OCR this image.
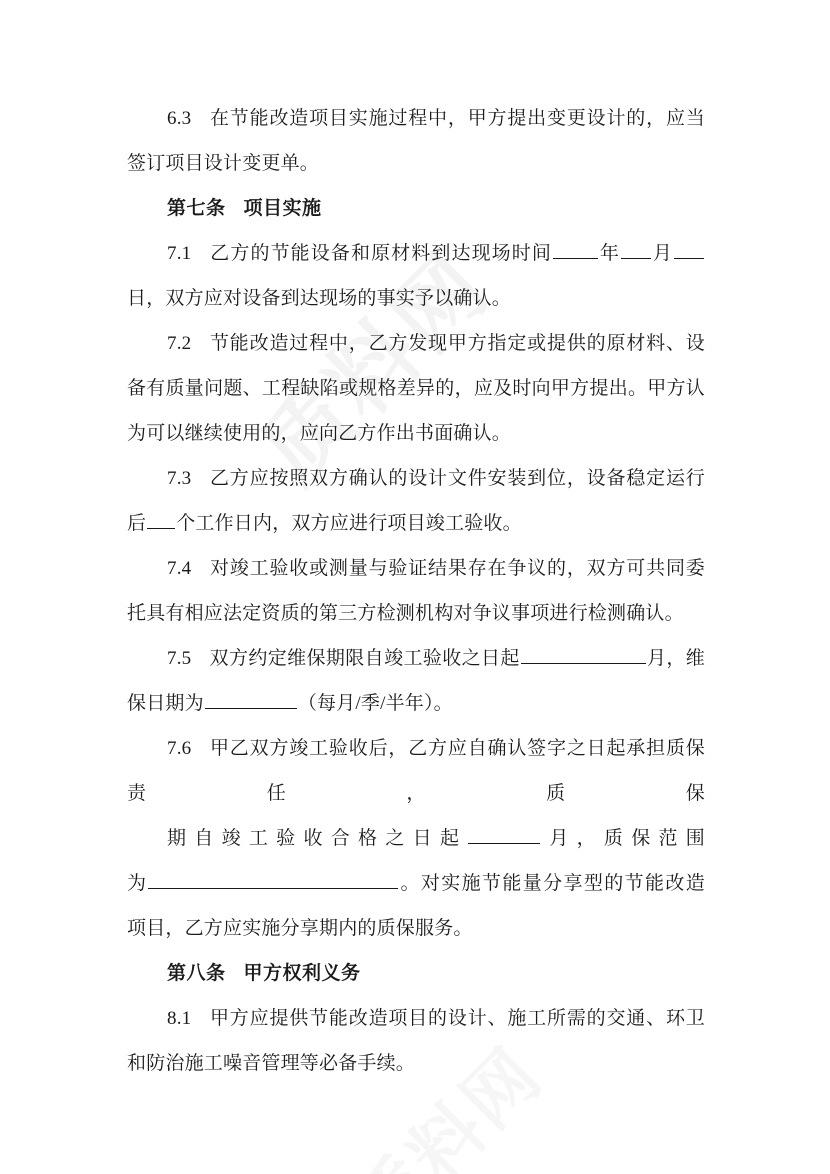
6.3 在节能改造项目实施过程中，甲方提出变更设计的，应当签订项目设计变更单。

第七条 项目实施

7.1 乙方的节能设备和原材料到达现场时间 年 月日，双方应对设备到达现场的事实予以确认。

7.2 节能改造过程中，乙方发现甲方指定或提供的原材料、设备有质量问题、工程缺陷或规格差异的，应及时向甲方提出。甲方认为可以继续使用的，应向乙方作出书面确认。

7.3 乙方应按照双方确认的设计文件安装到位，设备稳定运行后 个工作日内，双方应进行项目竣工验收。

7.4 对竣工验收或测量与验证结果存在争议的，双方可共同委托具有相应法定资质的第三方检测机构对争议事项进行检测确认。

7.5 双方约定维保期限自竣工验收之日起	月，维保日期为	（每月/季/半年）。

7.6 甲乙双方竣工验收后，乙方应自确认签字之日起承担质保责任，质保
期自竣工验收合格之日起	月，质保范围
为	。对实施节能量分享型的节能改造项目，乙方应实施分享期内的质保服务。

第八条 甲方权利义务

8.1 甲方应提供节能改造项目的设计、施工所需的交通、环卫和防治施工噪音管理等必备手续。
